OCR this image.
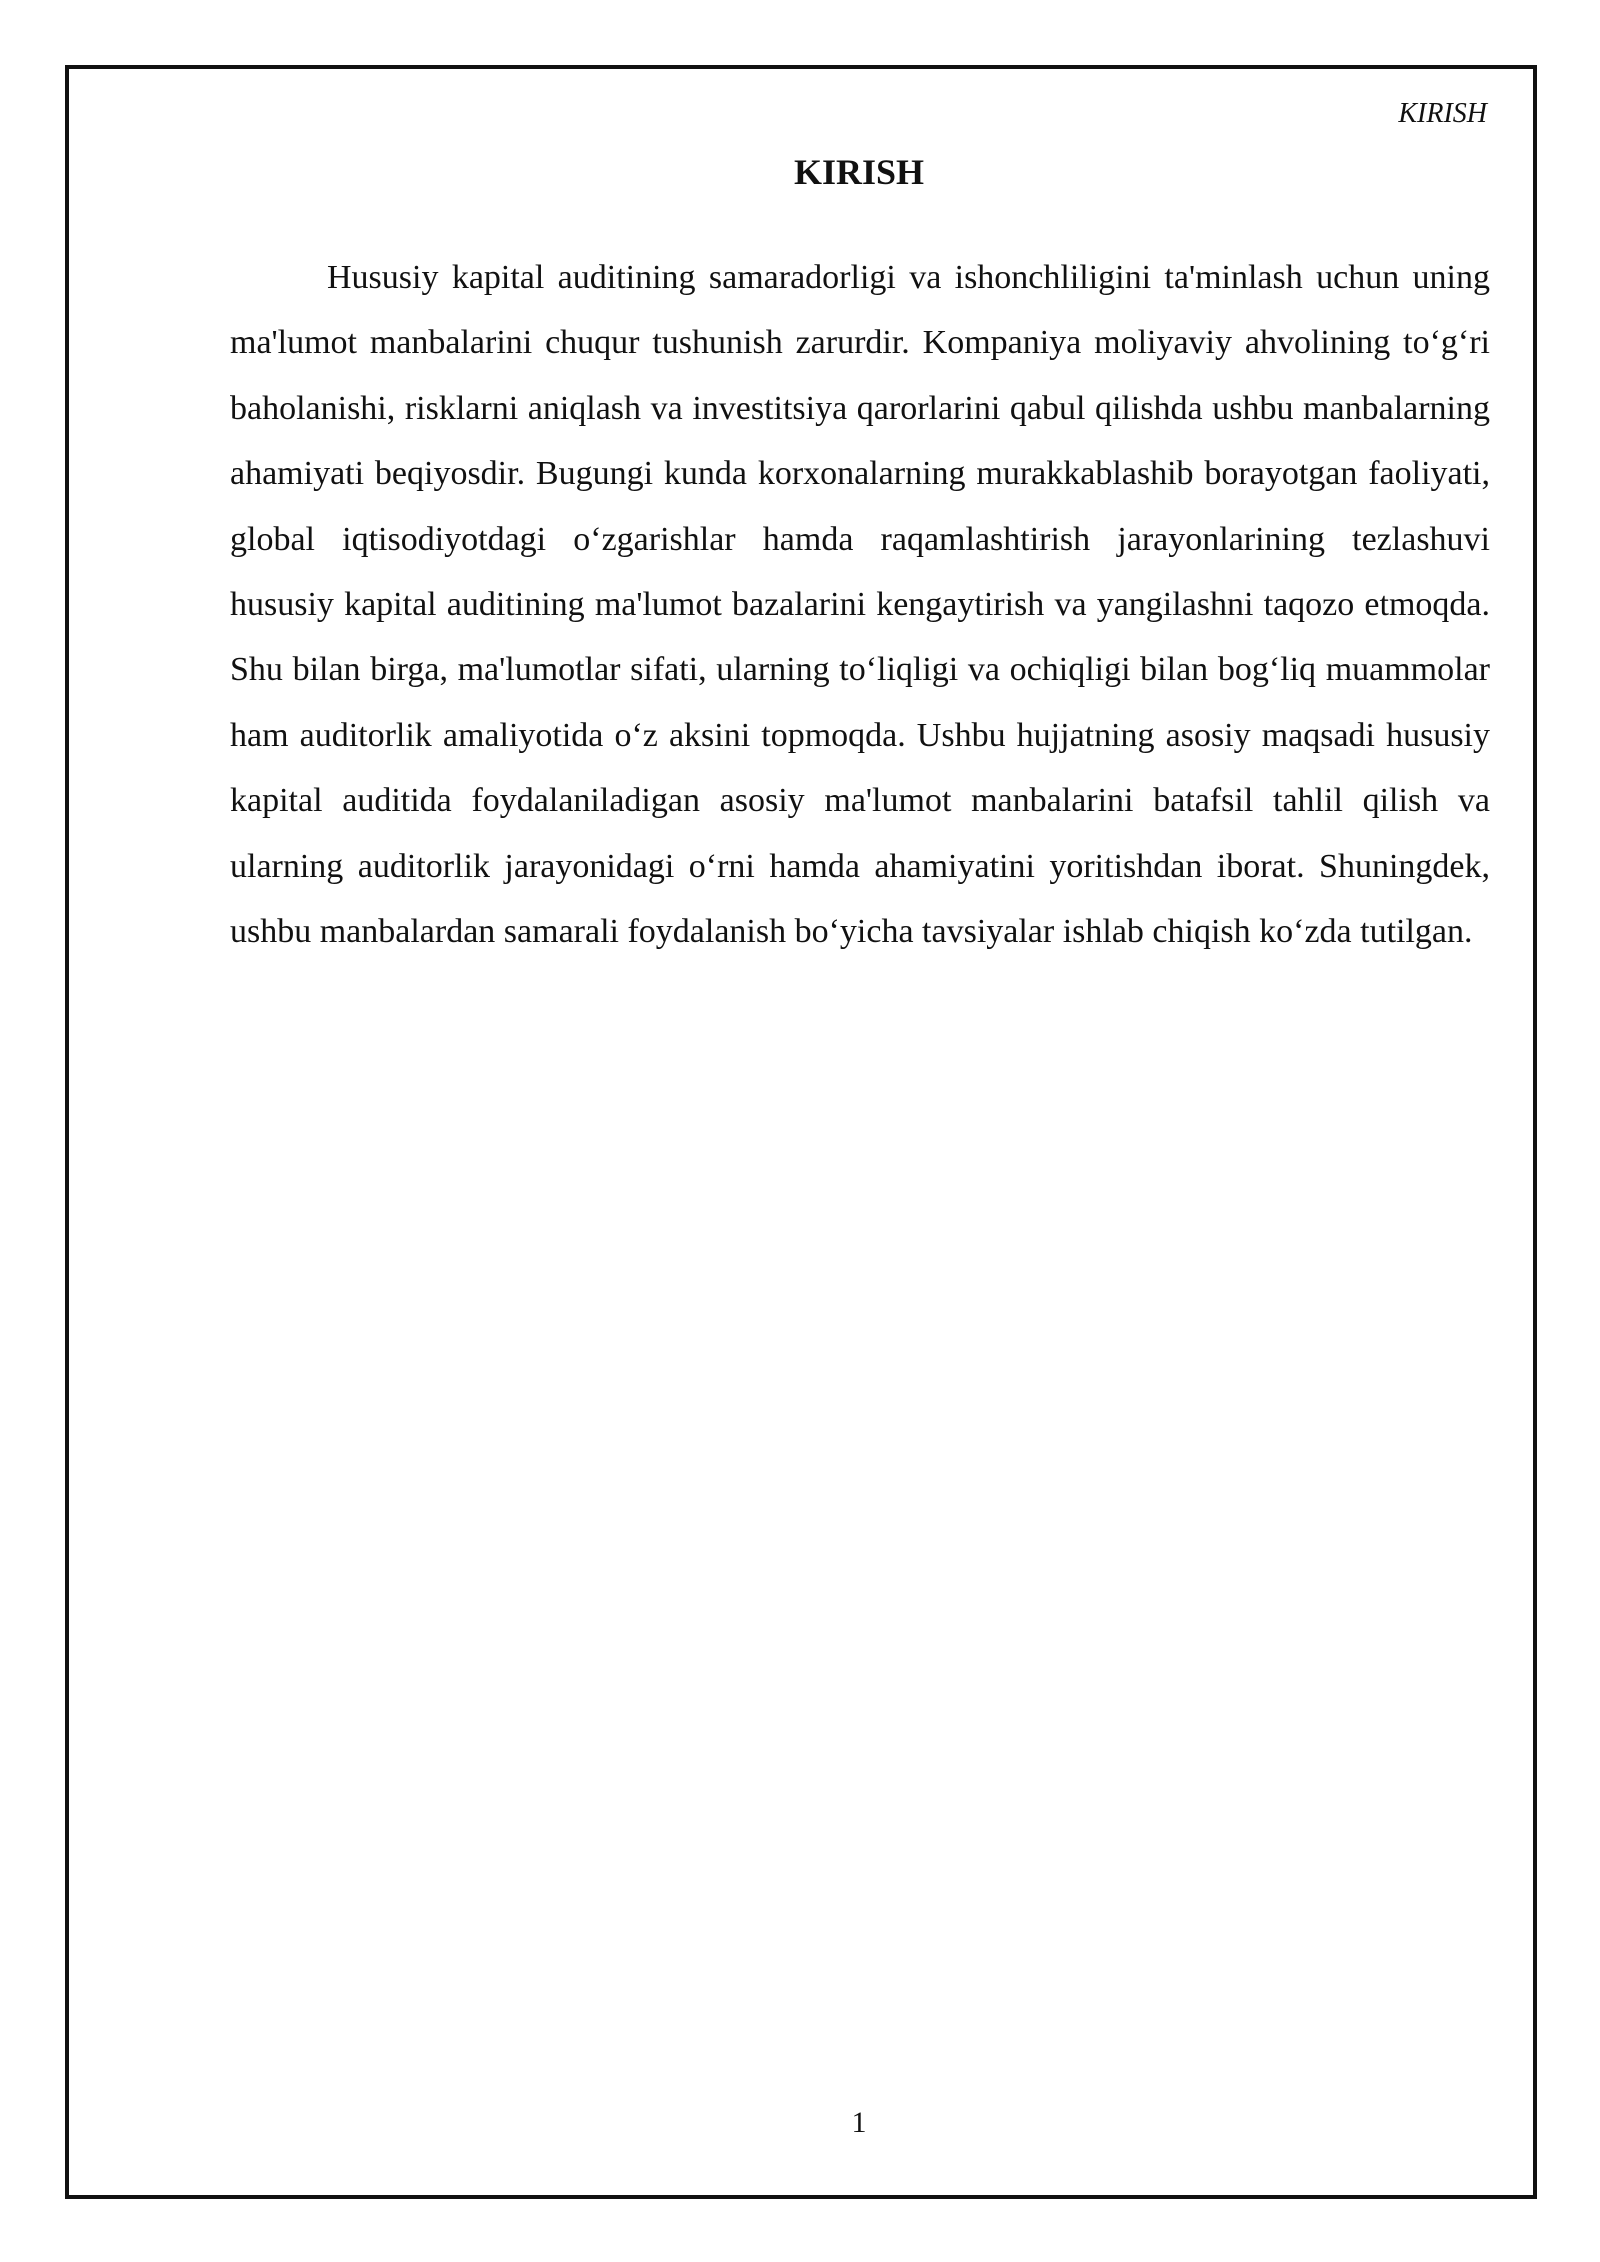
KIRISH
KIRISH

Hususiy kapital auditining samaradorligi va ishonchliligini ta'minlash uchun uning ma'lumot manbalarini chuqur tushunish zarurdir. Kompaniya moliyaviy ahvolining to‘g‘ri baholanishi, risklarni aniqlash va investitsiya qarorlarini qabul qilishda ushbu manbalarning ahamiyati beqiyosdir. Bugungi kunda korxonalarning murakkablashib borayotgan faoliyati, global iqtisodiyotdagi o‘zgarishlar hamda raqamlashtirish jarayonlarining tezlashuvi hususiy kapital auditining ma'lumot bazalarini kengaytirish va yangilashni taqozo etmoqda. Shu bilan birga, ma'lumotlar sifati, ularning to‘liqligi va ochiqligi bilan bog‘liq muammolar ham auditorlik amaliyotida o‘z aksini topmoqda. Ushbu hujjatning asosiy maqsadi hususiy kapital auditida foydalaniladigan asosiy ma'lumot manbalarini batafsil tahlil qilish va ularning auditorlik jarayonidagi o‘rni hamda ahamiyatini yoritishdan iborat. Shuningdek, ushbu manbalardan samarali foydalanish bo‘yicha tavsiyalar ishlab chiqish ko‘zda tutilgan.

1
